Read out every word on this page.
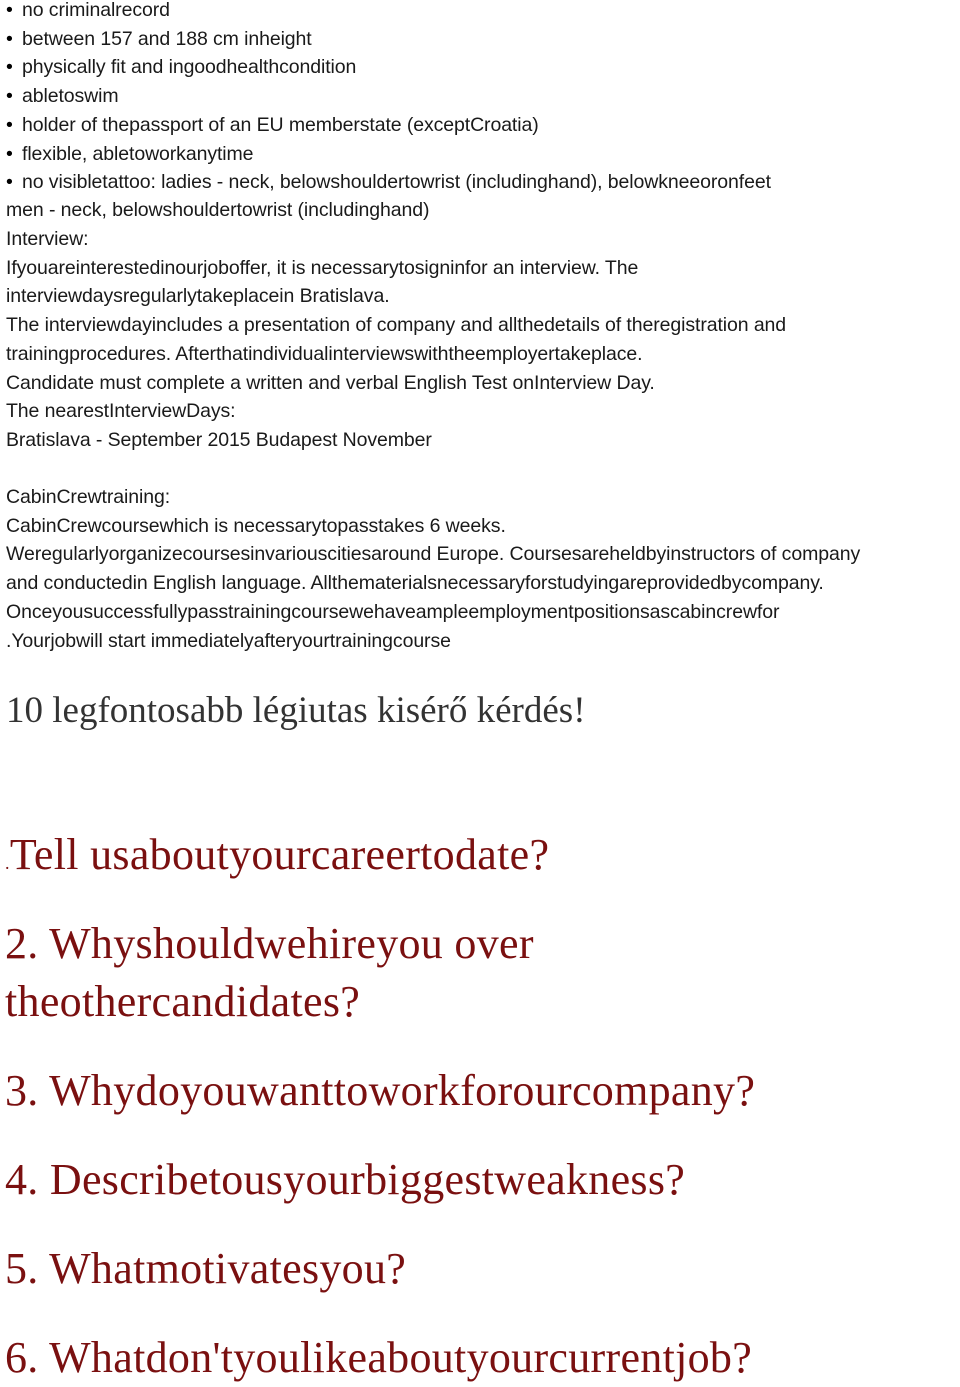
• no criminalrecord
• between 157 and 188 cm inheight
• physically fit and ingoodhealthcondition
• abletoswim
• holder of thepassport of an EU memberstate (exceptCroatia)
• flexible, abletoworkanytime
• no visibletattoo: ladies - neck, belowshouldertowrist (includinghand), belowkneeoronfeet
men - neck, belowshouldertowrist (includinghand)
Interview:
Ifyouareinterestedinourjoboffer, it is necessarytosigninfor an interview. The
interviewdaysregularlytakeplacein Bratislava.
The interviewdayincludes a presentation of company and allthedetails of theregistration and
trainingprocedures. Afterthatindividualinterviewswiththeemployertakeplace.
Candidate must complete a written and verbal English Test onInterview Day.
The nearestInterviewDays:
Bratislava - September 2015 Budapest November
CabinCrewtraining:
CabinCrewcoursewhich is necessarytopasstakes 6 weeks.
Weregularlyorganizecoursesinvariouscitiesaround Europe. Coursesareheldbyinstructors of company
and conductedin English language. Allthematerialsnecessaryforstudyingareprovidedbycompany.
Onceyousuccessfullypasstrainingcoursewehaveampleemploymentpositionsascabincrewfor
.Yourjobwill start immediatelyafteryourtrainingcourse
10 legfontosabb légiutas kisérő kérdés!
.Tell usaboutyourcareertodate?
2. Whyshouldwehireyou over
theothercandidates?
3. Whydoyouwanttoworkforourcompany?
4. Describetousyourbiggestweakness?
5. Whatmotivatesyou?
6. Whatdon'tyoulikeaboutyourcurrentjob?
